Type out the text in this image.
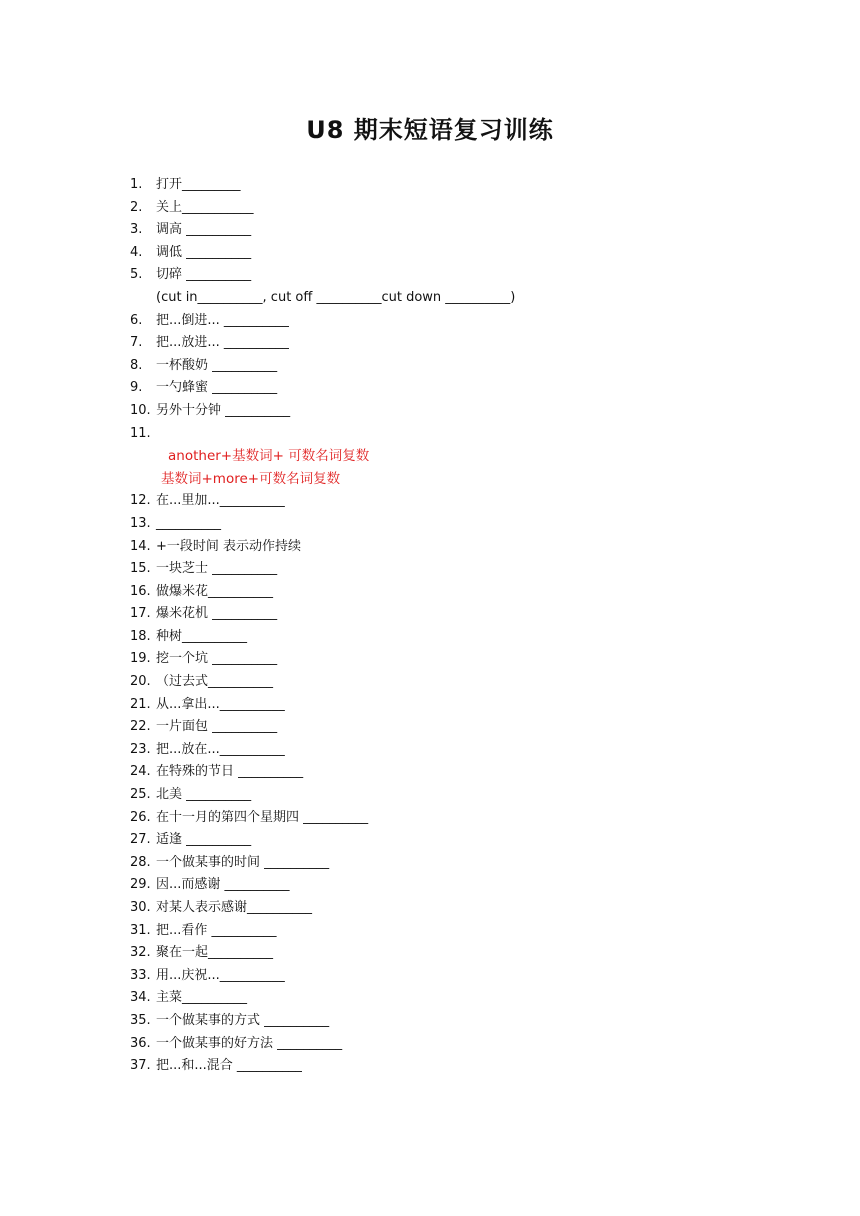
U8 期末短语复习训练
1. 打开_________
2. 关上___________
3. 调高 __________
4. 调低 __________
5. 切碎 __________
(cut in__________, cut off __________cut down __________)
6. 把...倒进... __________
7. 把...放进... __________
8. 一杯酸奶 __________
9. 一勺蜂蜜 __________
10. 另外十分钟 __________
11.
another+基数词+ 可数名词复数
基数词+more+可数名词复数
12. 在...里加...__________
13. __________
14. +一段时间 表示动作持续
15. 一块芝士 __________
16. 做爆米花__________
17. 爆米花机 __________
18. 种树__________
19. 挖一个坑 __________
20. （过去式__________
21. 从...拿出...__________
22. 一片面包 __________
23. 把...放在...__________
24. 在特殊的节日 __________
25. 北美 __________
26. 在十一月的第四个星期四 __________
27. 适逢 __________
28. 一个做某事的时间 __________
29. 因...而感谢 __________
30. 对某人表示感谢__________
31. 把...看作 __________
32. 聚在一起__________
33. 用...庆祝...__________
34. 主菜__________
35. 一个做某事的方式 __________
36. 一个做某事的好方法 __________
37. 把...和...混合 __________
